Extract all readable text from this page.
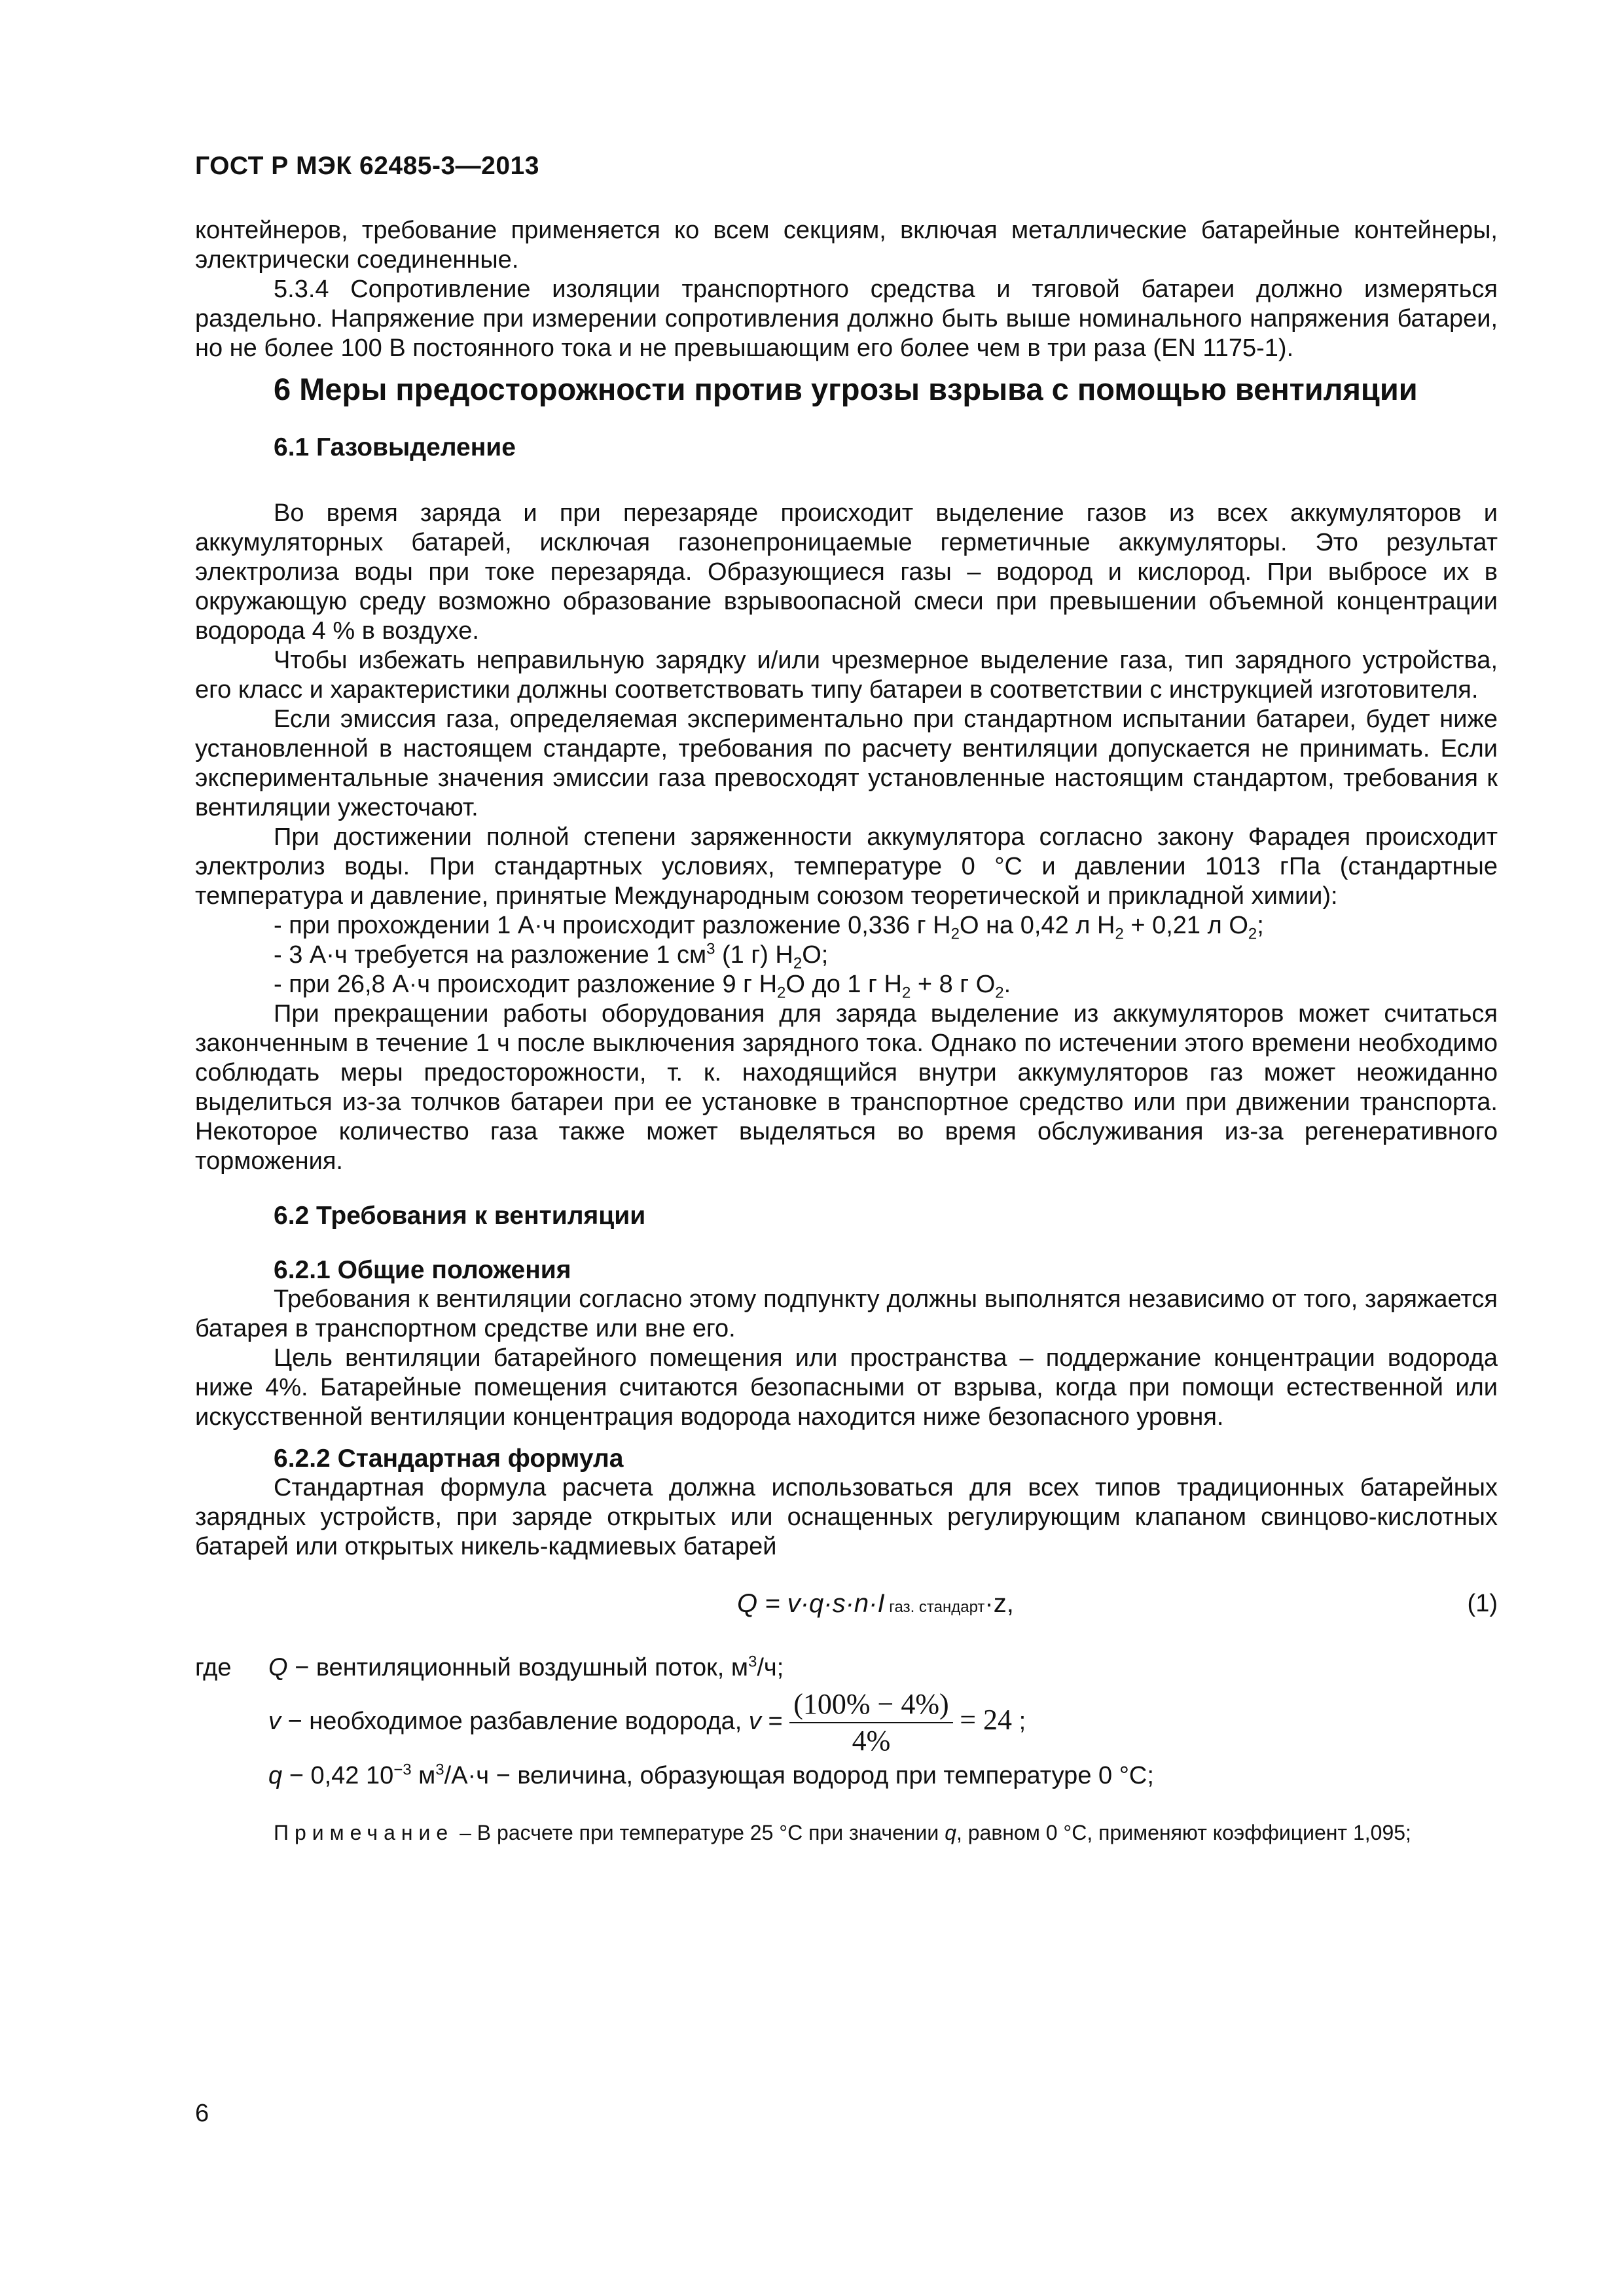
ГОСТ Р МЭК 62485-3—2013

контейнеров, требование применяется ко всем секциям, включая металлические батарейные контейнеры, электрически соединенные.

5.3.4 Сопротивление изоляции транспортного средства и тяговой батареи должно измеряться раздельно. Напряжение при измерении сопротивления должно быть выше номинального напряжения батареи, но не более 100 В постоянного тока и не превышающим его более чем в три раза (EN 1175-1).

6 Меры предосторожности против угрозы взрыва с помощью вентиляции
6.1 Газовыделение

Во время заряда и при перезаряде происходит выделение газов из всех аккумуляторов и аккумуляторных батарей, исключая газонепроницаемые герметичные аккумуляторы. Это результат электролиза воды при токе перезаряда. Образующиеся газы – водород и кислород. При выбросе их в окружающую среду возможно образование взрывоопасной смеси при превышении объемной концентрации водорода 4 % в воздухе.

Чтобы избежать неправильную зарядку и/или чрезмерное выделение газа, тип зарядного устройства, его класс и характеристики должны соответствовать типу батареи в соответствии с инструкцией изготовителя.

Если эмиссия газа, определяемая экспериментально при стандартном испытании батареи, будет ниже установленной в настоящем стандарте, требования по расчету вентиляции допускается не принимать. Если экспериментальные значения эмиссии газа превосходят установленные настоящим стандартом, требования к вентиляции ужесточают.

При достижении полной степени заряженности аккумулятора согласно закону Фарадея происходит электролиз воды. При стандартных условиях, температуре 0 °С и давлении 1013 гПа (стандартные температура и давление, принятые Международным союзом теоретической и прикладной химии):

- при прохождении 1 А·ч происходит разложение 0,336 г $H_2O$ на 0,42 л $H_2 + 0,21$ л $O_2$;
- 3 А·ч требуется на разложение 1 $см^3$ (1 г) $H_2O$;
- при 26,8 А·ч происходит разложение 9 г $H_2O$ до 1 г $H_2 + 8$ г $O_2$.

При прекращении работы оборудования для заряда выделение из аккумуляторов может считаться законченным в течение 1 ч после выключения зарядного тока. Однако по истечении этого времени необходимо соблюдать меры предосторожности, т. к. находящийся внутри аккумуляторов газ может неожиданно выделиться из-за толчков батареи при ее установке в транспортное средство или при движении транспорта. Некоторое количество газа также может выделяться во время обслуживания из-за регенеративного торможения.

6.2 Требования к вентиляции
6.2.1 Общие положения

Требования к вентиляции согласно этому подпункту должны выполнятся независимо от того, заряжается батарея в транспортном средстве или вне его.

Цель вентиляции батарейного помещения или пространства – поддержание концентрации водорода ниже 4%. Батарейные помещения считаются безопасными от взрыва, когда при помощи естественной или искусственной вентиляции концентрация водорода находится ниже безопасного уровня.

6.2.2 Стандартная формула

Стандартная формула расчета должна использоваться для всех типов традиционных батарейных зарядных устройств, при заряде открытых или оснащенных регулирующим клапаном свинцово-кислотных батарей или открытых никель-кадмиевых батарей

Q = v·q·s·n·I газ. стандарт·z,	(1)
где	Q − вентиляционный воздушный поток, $м^3/ч$;
v − необходимое разбавление водорода, $v = \frac{(100\% - 4\%)}{4\%} = 24$ ;
q − 0,42 $10^{-3}$ $м^3/А\cdot ч$ − величина, образующая водород при температуре 0 °С;

Примечание – В расчете при температуре 25 °С при значении q, равном 0 °С, применяют коэффициент 1,095;

6
